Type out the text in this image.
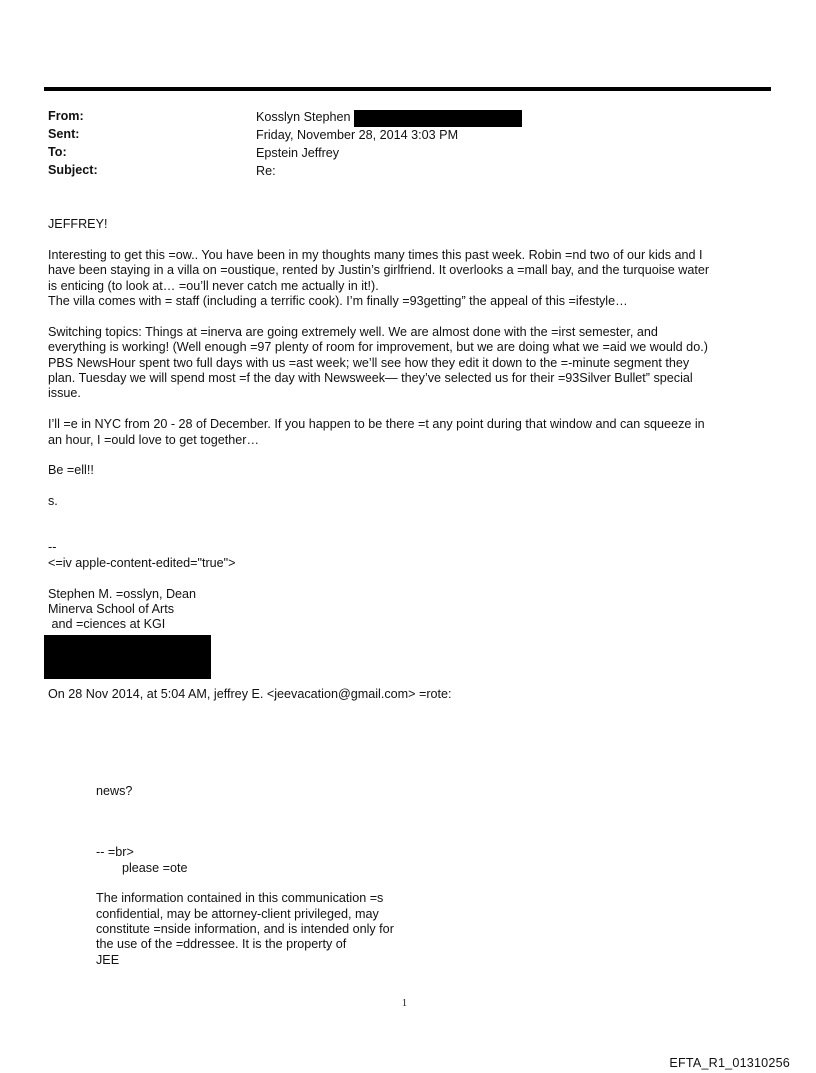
From:	Kosslyn Stephen
Sent:	Friday, November 28, 2014 3:03 PM
To:	Epstein Jeffrey
Subject:	Re:

JEFFREY!

Interesting to get this =ow.. You have been in my thoughts many times this past week. Robin =nd two of our kids and I
have been staying in a villa on =oustique, rented by Justin’s girlfriend. It overlooks a =mall bay, and the turquoise water
is enticing (to look at… =ou’ll never catch me actually in it!).
The villa comes with = staff (including a terrific cook). I’m finally =93getting” the appeal of this =ifestyle…

Switching topics: Things at =inerva are going extremely well. We are almost done with the =irst semester, and
everything is working! (Well enough =97 plenty of room for improvement, but we are doing what we =aid we would do.)
PBS NewsHour spent two full days with us =ast week; we’ll see how they edit it down to the =-minute segment they
plan. Tuesday we will spend most =f the day with Newsweek— they’ve selected us for their =93Silver Bullet” special
issue.

I’ll =e in NYC from 20 - 28 of December. If you happen to be there =t any point during that window and can squeeze in
an hour, I =ould love to get together…

Be =ell!!

s.

--
<=iv apple-content-edited="true">
Stephen M. =osslyn, Dean
Minerva School of Arts
and =ciences at KGI
On 28 Nov 2014, at 5:04 AM, jeffrey E. <jeevacation@gmail.com> =rote:
news?
-- =br>
please =ote
The information contained in this communication =s
confidential, may be attorney-client privileged, may
constitute =nside information, and is intended only for
the use of the =ddressee. It is the property of
JEE
1
EFTA_R1_01310256
